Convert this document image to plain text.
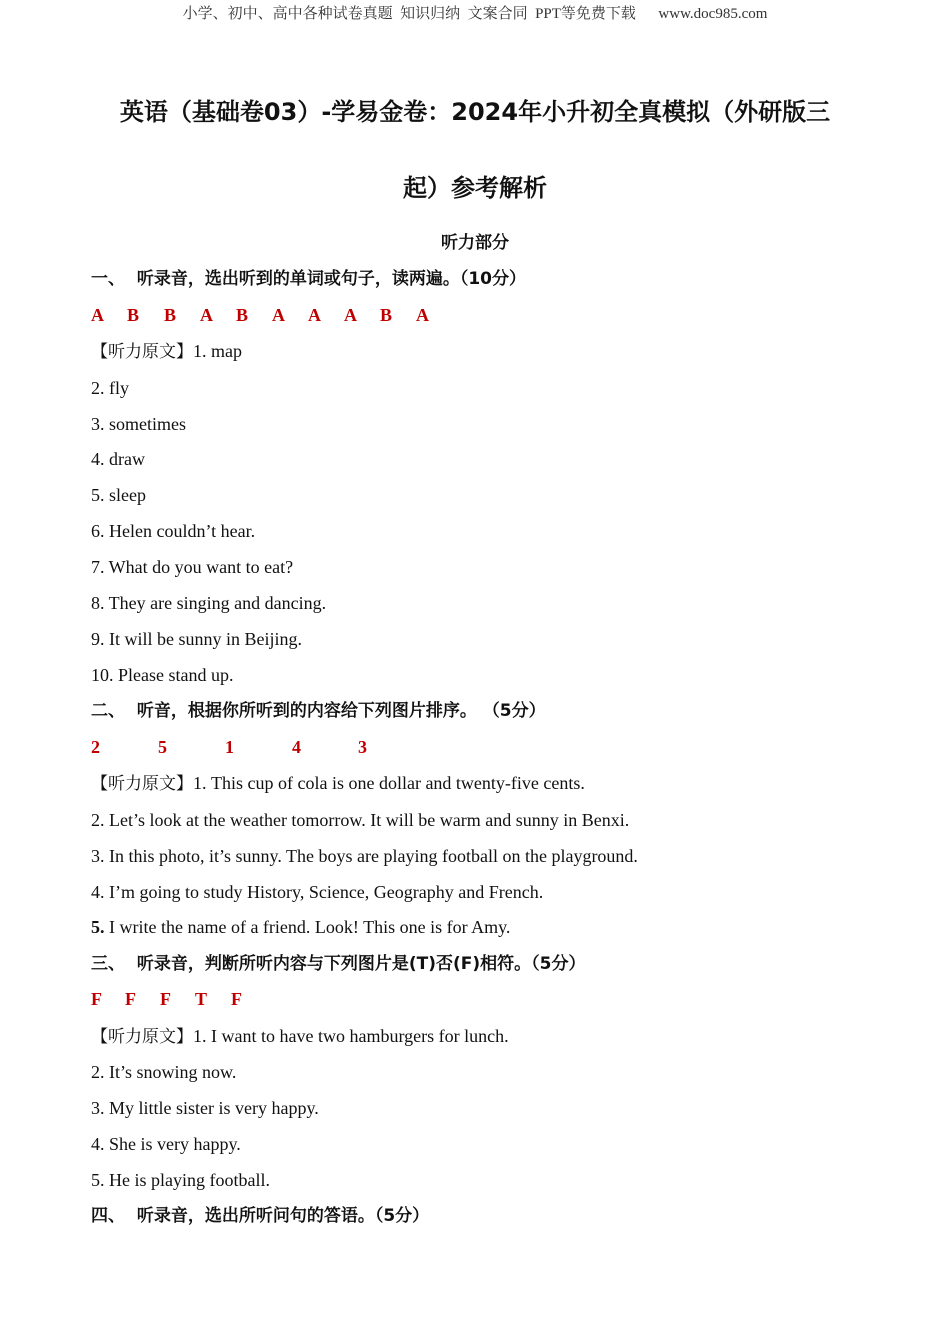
小学、初中、高中各种试卷真题  知识归纳  文案合同  PPT等免费下载      www.doc985.com
英语（基础卷03）-学易金卷：2024年小升初全真模拟（外研版三
起）参考解析
听力部分
一、  听录音，选出听到的单词或句子，读两遍。（10分）
A B B A B A A A B A
【听力原文】1. map
2. fly
3. sometimes
4. draw
5. sleep
6. Helen couldn’t hear.
7. What do you want to eat?
8. They are singing and dancing.
9. It will be sunny in Beijing.
10. Please stand up.
二、  听音，根据你所听到的内容给下列图片排序。 （5分）
2	5	1	4	3
【听力原文】1. This cup of cola is one dollar and twenty-five cents.
2. Let’s look at the weather tomorrow. It will be warm and sunny in Benxi.
3. In this photo, it’s sunny. The boys are playing football on the playground.
4. I’m going to study History, Science, Geography and French.
5. I write the name of a friend. Look! This one is for Amy.
三、  听录音，判断所听内容与下列图片是(T)否(F)相符。（5分）
F F F T F
【听力原文】1. I want to have two hamburgers for lunch.
2. It’s snowing now.
3. My little sister is very happy.
4. She is very happy.
5. He is playing football.
四、  听录音，选出所听问句的答语。（5分）
